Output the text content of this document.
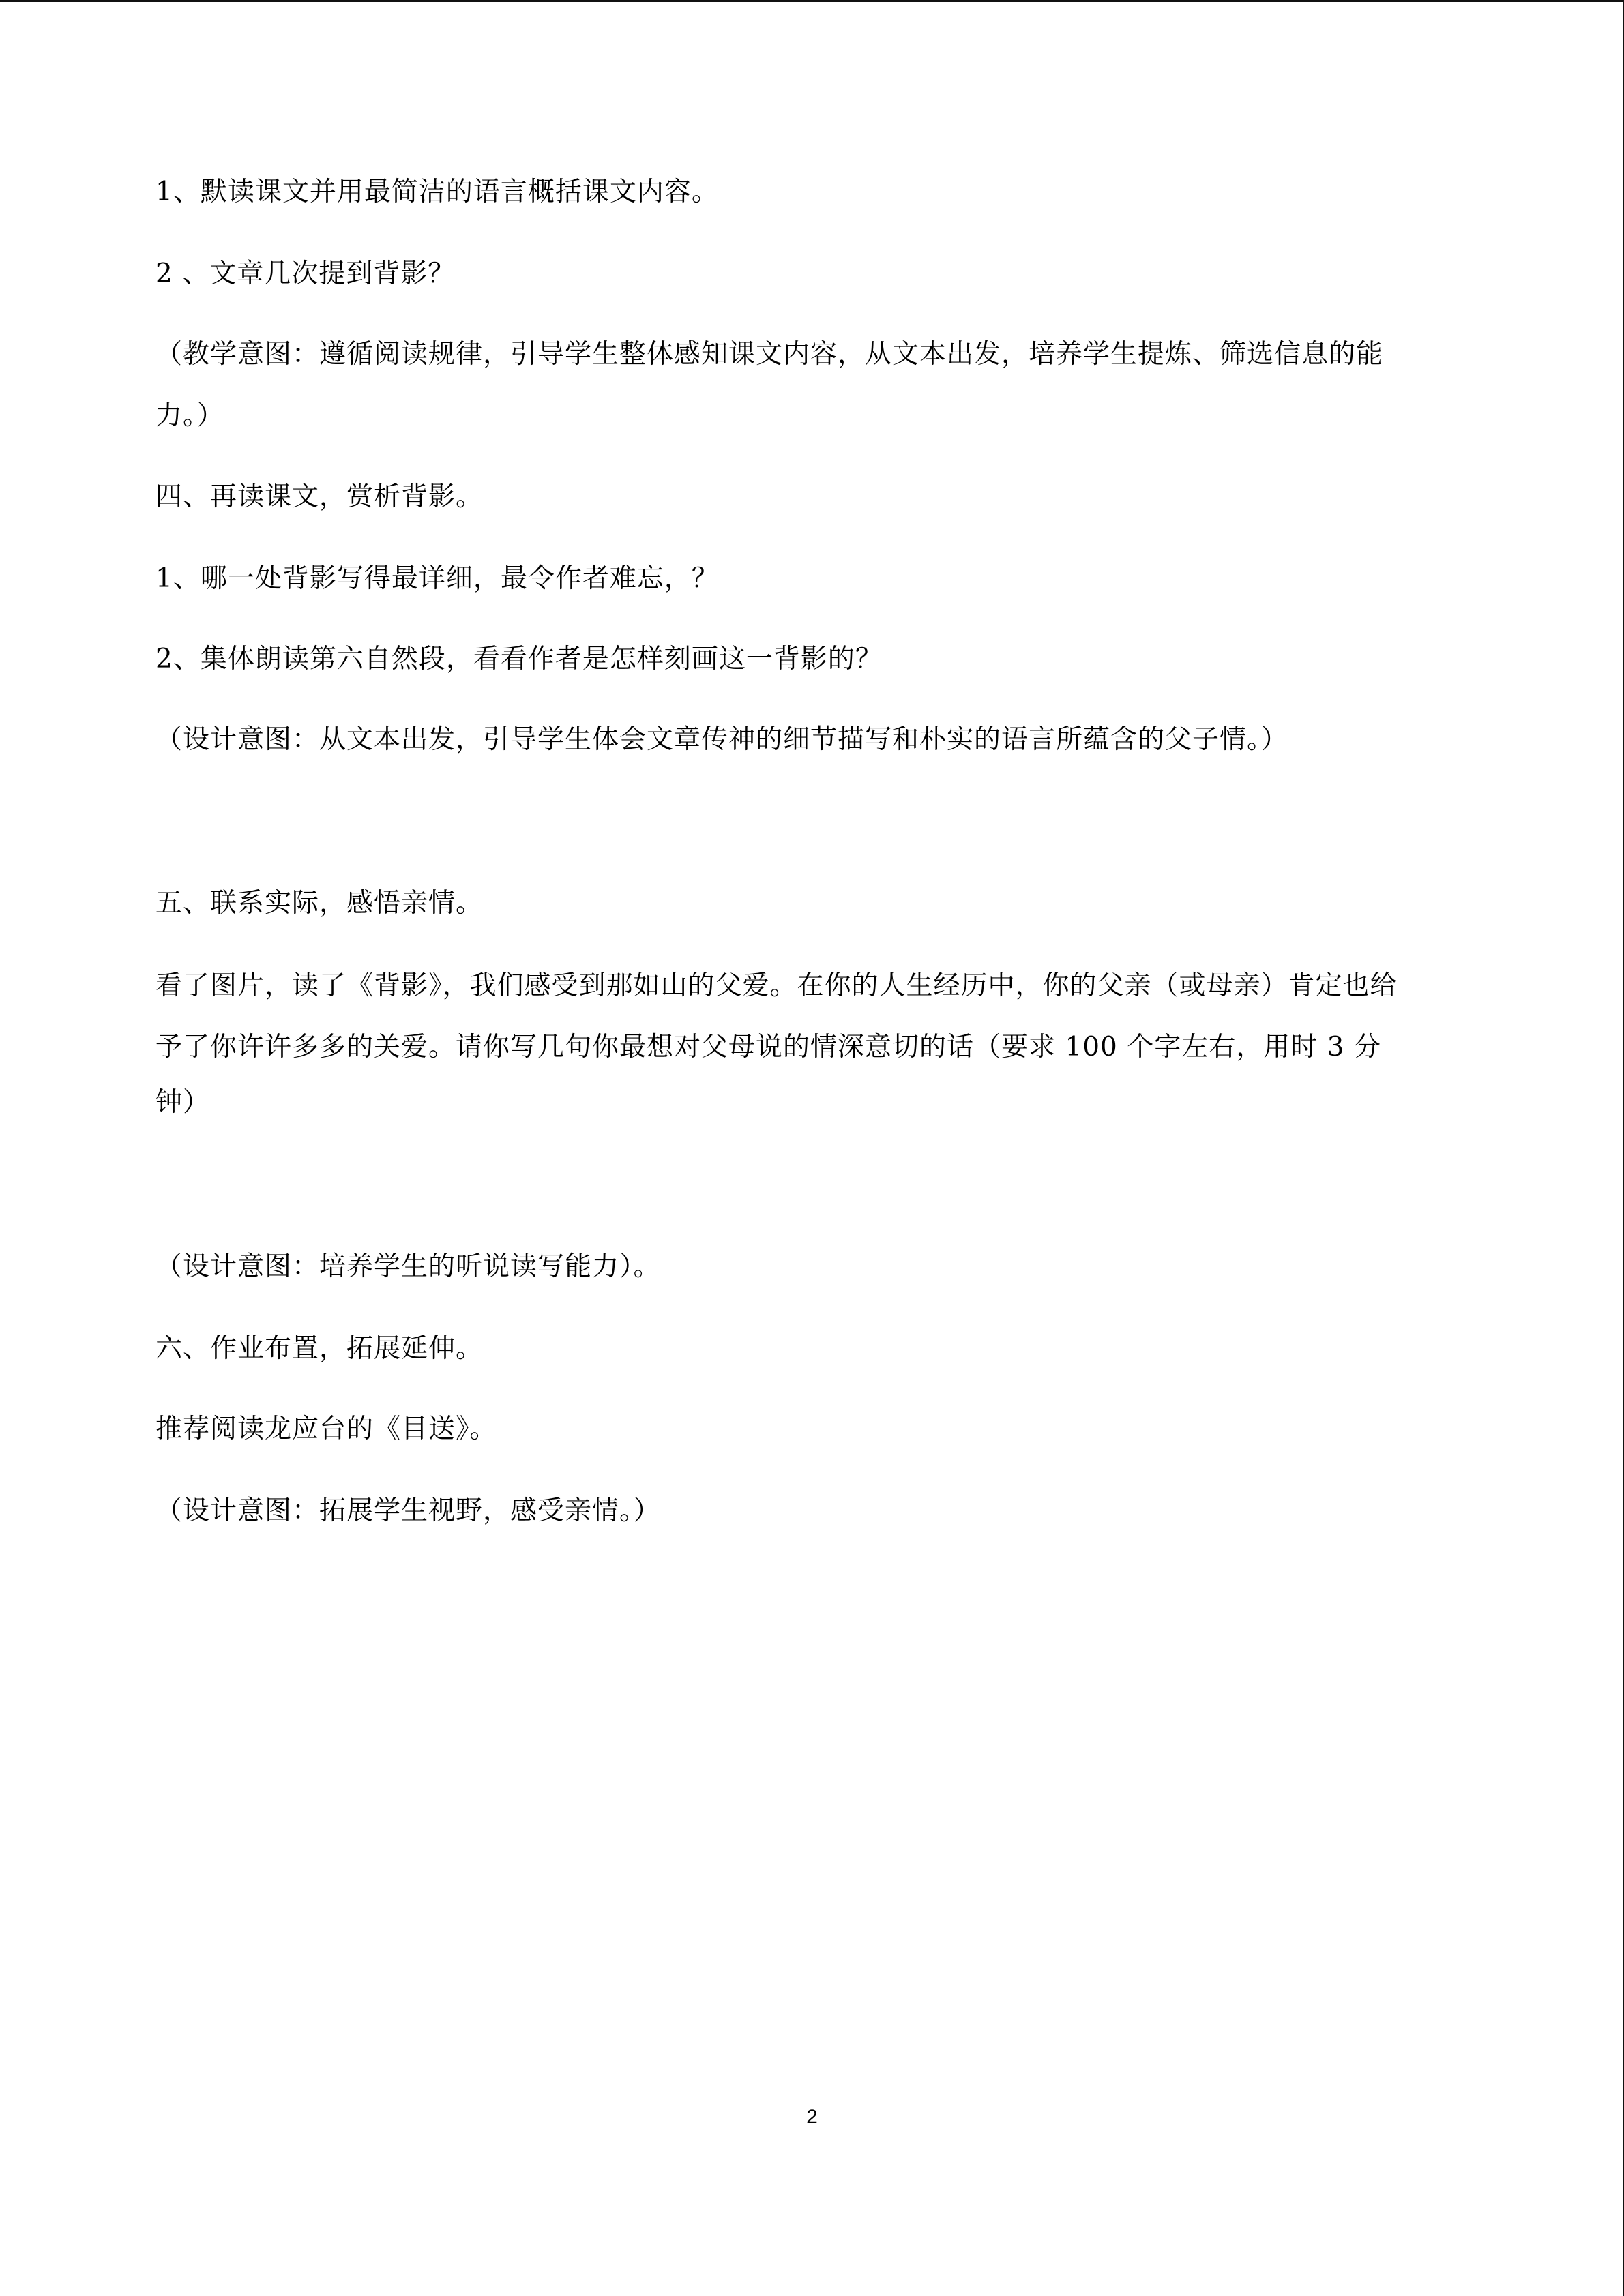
1、默读课文并用最简洁的语言概括课文内容。
2 、文章几次提到背影？
（教学意图：遵循阅读规律，引导学生整体感知课文内容，从文本出发，培养学生提炼、筛选信息的能
力。）
四、再读课文，赏析背影。
1、哪一处背影写得最详细，最令作者难忘，？
2、集体朗读第六自然段，看看作者是怎样刻画这一背影的？
（设计意图：从文本出发，引导学生体会文章传神的细节描写和朴实的语言所蕴含的父子情。）
五、联系实际，感悟亲情。
看了图片，读了《背影》，我们感受到那如山的父爱。在你的人生经历中，你的父亲（或母亲）肯定也给
予了你许许多多的关爱。请你写几句你最想对父母说的情深意切的话（要求 100 个字左右，用时 3 分
钟）
（设计意图：培养学生的听说读写能力）。
六、作业布置，拓展延伸。
推荐阅读龙应台的《目送》。
（设计意图：拓展学生视野，感受亲情。）
2
